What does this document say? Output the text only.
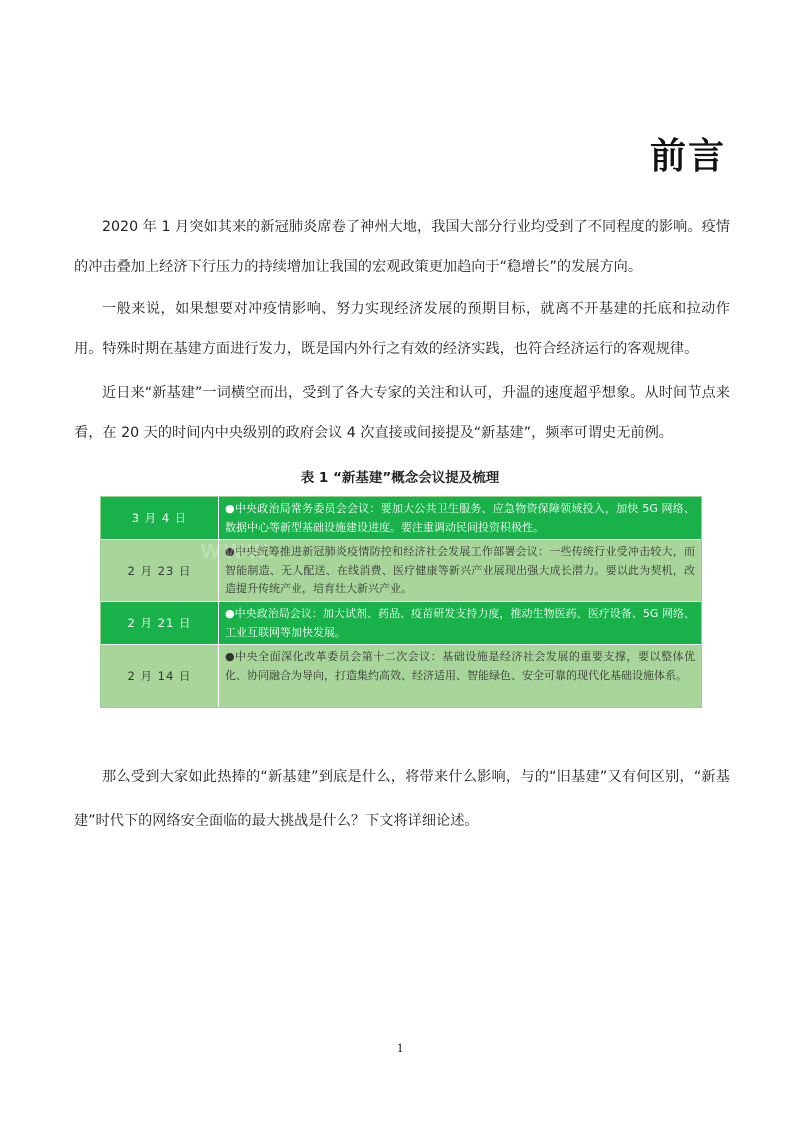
前言

2020 年 1 月突如其来的新冠肺炎席卷了神州大地，我国大部分行业均受到了不同程度的影响。疫情的冲击叠加上经济下行压力的持续增加让我国的宏观政策更加趋向于“稳增长”的发展方向。

一般来说，如果想要对冲疫情影响、努力实现经济发展的预期目标，就离不开基建的托底和拉动作用。特殊时期在基建方面进行发力，既是国内外行之有效的经济实践，也符合经济运行的客观规律。

近日来“新基建”一词横空而出，受到了各大专家的关注和认可，升温的速度超乎想象。从时间节点来看，在 20 天的时间内中央级别的政府会议 4 次直接或间接提及“新基建”，频率可谓史无前例。

表 1 “新基建”概念会议提及梳理
3 月 4 日
●中央政治局常务委员会会议：要加大公共卫生服务、应急物资保障领域投入，加快 5G 网络、数据中心等新型基础设施建设进度。要注重调动民间投资积极性。
2 月 23 日
●中央统筹推进新冠肺炎疫情防控和经济社会发展工作部署会议：一些传统行业受冲击较大，而智能制造、无人配送、在线消费、医疗健康等新兴产业展现出强大成长潜力。要以此为契机，改造提升传统产业，培育壮大新兴产业。
2 月 21 日
●中央政治局会议：加大试剂、药品、疫苗研发支持力度，推动生物医药、医疗设备、5G 网络、工业互联网等加快发展。
2 月 14 日
●中央全面深化改革委员会第十二次会议：基础设施是经济社会发展的重要支撑，要以整体优化、协同融合为导向，打造集约高效、经济适用、智能绿色、安全可靠的现代化基础设施体系。
www.

那么受到大家如此热捧的“新基建”到底是什么，将带来什么影响，与的“旧基建”又有何区别，“新基建”时代下的网络安全面临的最大挑战是什么？下文将详细论述。

1
